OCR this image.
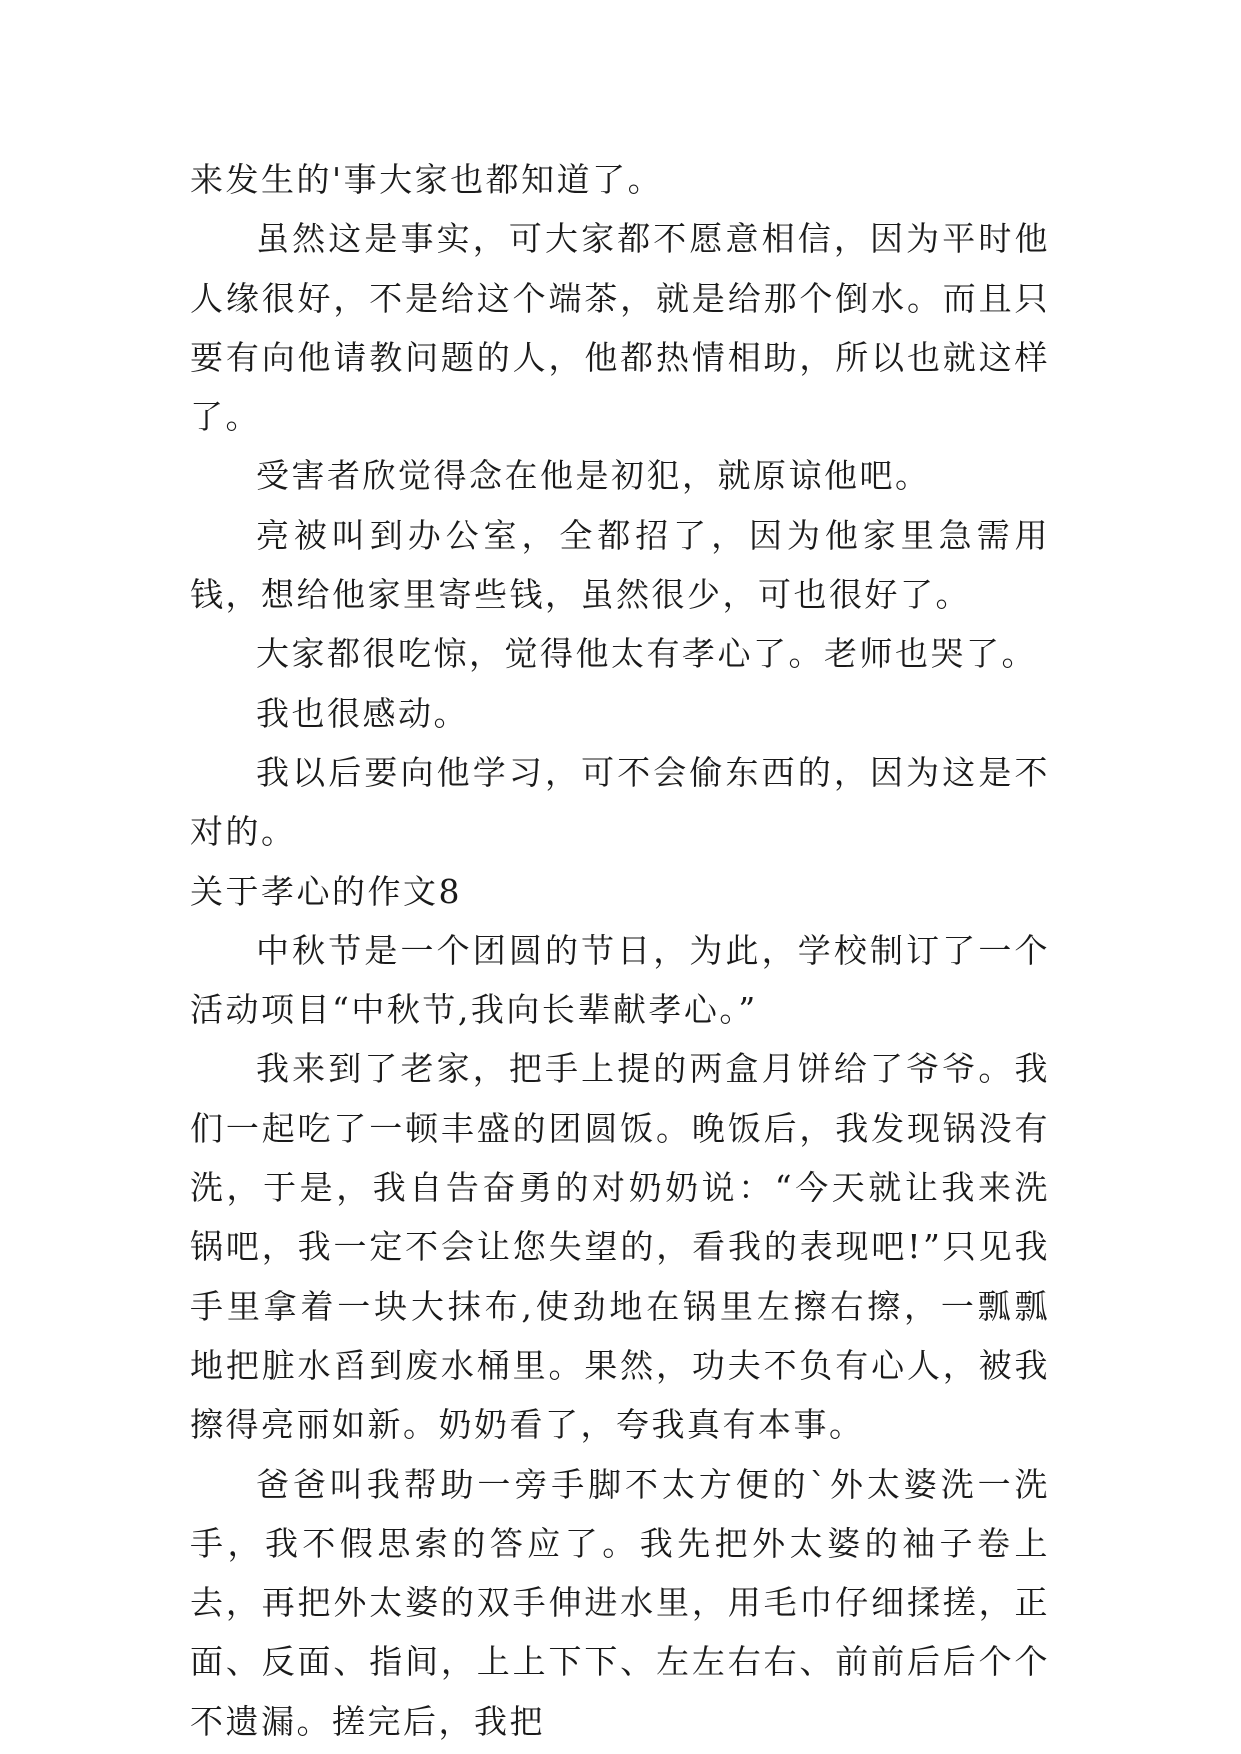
来发生的'事大家也都知道了。

虽然这是事实，可大家都不愿意相信，因为平时他人缘很好，不是给这个端茶，就是给那个倒水。而且只要有向他请教问题的人，他都热情相助，所以也就这样了。

受害者欣觉得念在他是初犯，就原谅他吧。

亮被叫到办公室，全都招了，因为他家里急需用钱，想给他家里寄些钱，虽然很少，可也很好了。

大家都很吃惊，觉得他太有孝心了。老师也哭了。

我也很感动。

我以后要向他学习，可不会偷东西的，因为这是不对的。

关于孝心的作文8

中秋节是一个团圆的节日，为此，学校制订了一个活动项目“中秋节,我向长辈献孝心。”

我来到了老家，把手上提的两盒月饼给了爷爷。我们一起吃了一顿丰盛的团圆饭。晚饭后，我发现锅没有洗，于是，我自告奋勇的对奶奶说：“今天就让我来洗锅吧，我一定不会让您失望的，看我的表现吧!”只见我手里拿着一块大抹布,使劲地在锅里左擦右擦，一瓢瓢地把脏水舀到废水桶里。果然，功夫不负有心人，被我擦得亮丽如新。奶奶看了，夸我真有本事。

爸爸叫我帮助一旁手脚不太方便的`外太婆洗一洗手，我不假思索的答应了。我先把外太婆的袖子卷上去，再把外太婆的双手伸进水里，用毛巾仔细揉搓，正面、反面、指间，上上下下、左左右右、前前后后个个不遗漏。搓完后，我把
